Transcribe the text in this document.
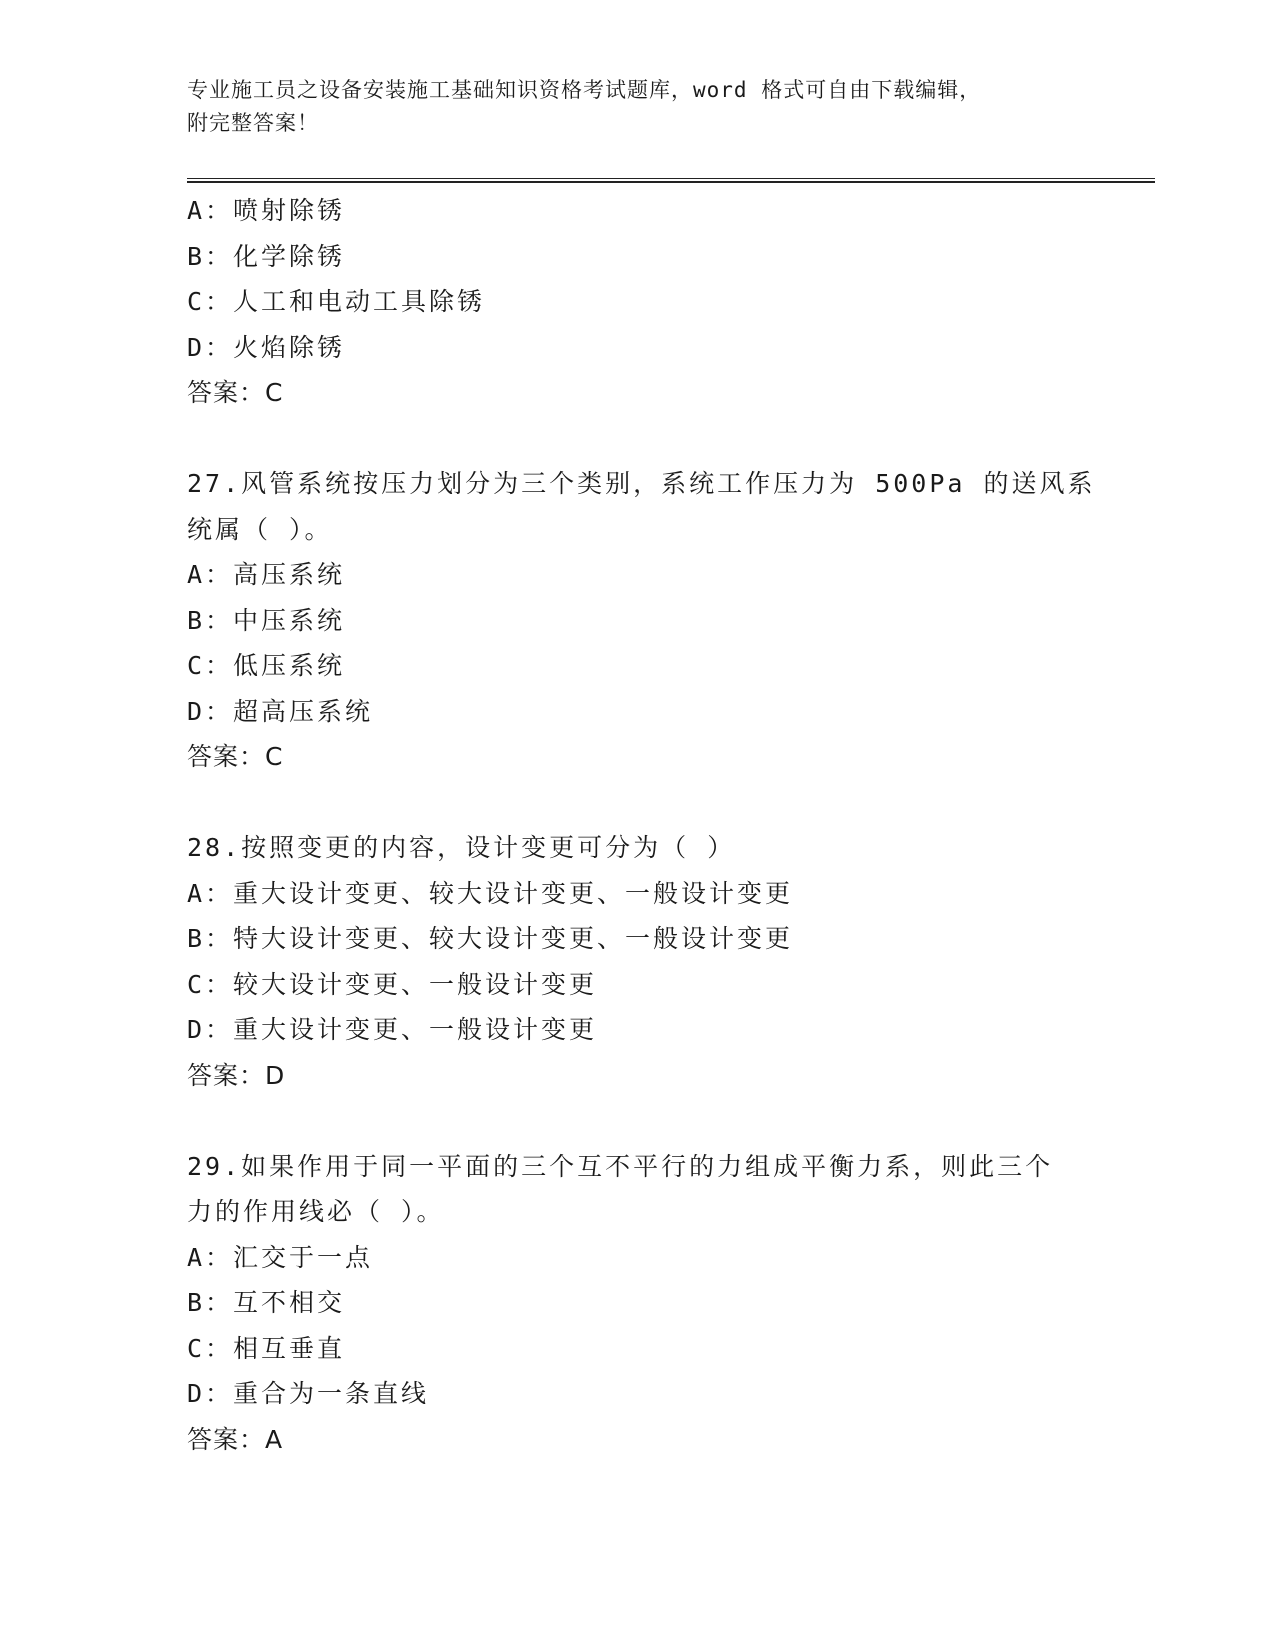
专业施工员之设备安装施工基础知识资格考试题库，word 格式可自由下载编辑，
附完整答案！
A：喷射除锈
B：化学除锈
C：人工和电动工具除锈
D：火焰除锈
答案：C
27.风管系统按压力划分为三个类别，系统工作压力为 500Pa 的送风系
统属（ ）。
A：高压系统
B：中压系统
C：低压系统
D：超高压系统
答案：C
28.按照变更的内容，设计变更可分为（ ）
A：重大设计变更、较大设计变更、一般设计变更
B：特大设计变更、较大设计变更、一般设计变更
C：较大设计变更、一般设计变更
D：重大设计变更、一般设计变更
答案：D
29.如果作用于同一平面的三个互不平行的力组成平衡力系，则此三个
力的作用线必（ ）。
A：汇交于一点
B：互不相交
C：相互垂直
D：重合为一条直线
答案：A
